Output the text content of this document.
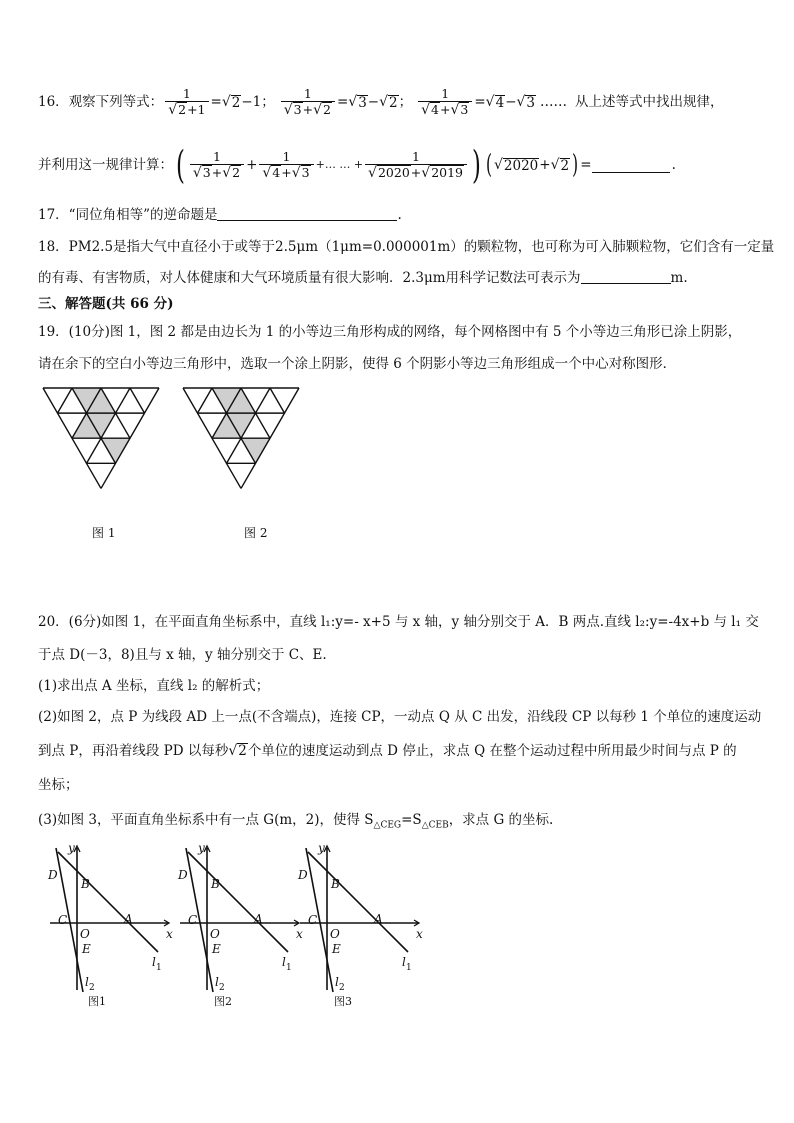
16． 观察下列等式： $\frac{1}{√2+1}$ = √ 2 −1 ； $\frac{1}{√3+√2}$ = √ 3 − √ 2 ； $\frac{1}{√4+√3}$ = √ 4 − √ 3 …… 从上述等式中找出规律，
并利用这一规律计算： ( $\frac{1}{√3+√2} + \frac{1}{√4+√3}$ +… … + $\frac{1}{√2020+√2019}$ ) ( √ 2020 + √ 2 ) =	.
17．“同位角相等”的逆命题是	.
18．PM2.5是指大气中直径小于或等于2.5μm（1μm=0.000001m）的颗粒物，也可称为可入肺颗粒物，它们含有一定量
的有毒、有害物质，对人体健康和大气环境质量有很大影响．2.3μm用科学记数法可表示为	m.
三、解答题(共 66 分)
19．(10分)图 1，图 2 都是由边长为 1 的小等边三角形构成的网络，每个网格图中有 5 个小等边三角形已涂上阴影，
请在余下的空白小等边三角形中，选取一个涂上阴影，使得 6 个阴影小等边三角形组成一个中心对称图形．
图 1	图 2
20．(6分)如图 1，在平面直角坐标系中，直线 l₁:y=- x+5 与 x 轴，y 轴分别交于 A．B 两点.直线 l₂:y=-4x+b 与 l₁ 交
于点 D(－3，8)且与 x 轴，y 轴分别交于 C、E.
(1)求出点 A 坐标，直线 l₂ 的解析式；
(2)如图 2，点 P 为线段 AD 上一点(不含端点)，连接 CP，一动点 Q 从 C 出发，沿线段 CP 以每秒 1 个单位的速度运动
到点 P，再沿着线段 PD 以每秒√2个单位的速度运动到点 D 停止，求点 Q 在整个运动过程中所用最少时间与点 P 的
坐标；
(3)如图 3，平面直角坐标系中有一点 G(m，2)，使得 $S_{\triangle CEG}=S_{\triangle CEB}$，求点 G 的坐标.
y
x
D
B
C
O
A
E
l 1
l 2
y
x
D
B
C
O
A
E
l 1
l 2
y
x
D
B
C
O
A
E
l 1
l 2
图1	图2	图3
